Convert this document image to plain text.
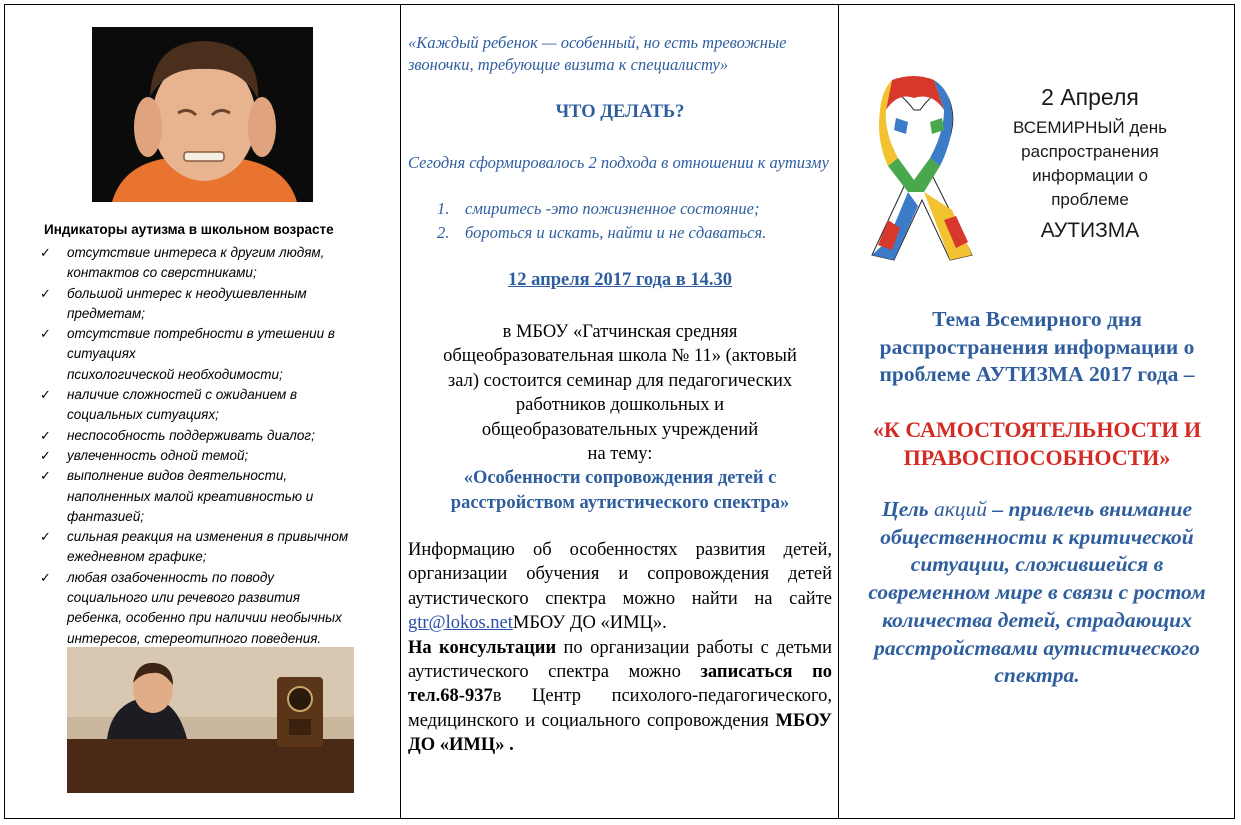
Индикаторы аутизма в школьном возрасте
✓ отсутствие интереса к другим людям,
контактов со сверстниками;
✓ большой интерес к неодушевленным
предметам;
✓ отсутствие потребности в утешении в
ситуациях
психологической необходимости;
✓ наличие сложностей с ожиданием в
социальных ситуациях;
✓ неспособность поддерживать диалог;
✓ увлеченность одной темой;
✓ выполнение видов деятельности,
наполненных малой креативностью и
фантазией;
✓ сильная реакция на изменения в привычном
ежедневном графике;
✓ любая озабоченность по поводу
социального или речевого развития
ребенка, особенно при наличии необычных
интересов, стереотипного поведения.
«Каждый ребенок — особенный, но есть тревожные звоночки, требующие визита к специалисту»
ЧТО ДЕЛАТЬ?
Сегодня сформировалось 2 подхода в отношении к аутизму
1. смиритесь -это пожизненное состояние;
2. бороться и искать, найти и не сдаваться.
12 апреля 2017 года в 14.30
в МБОУ «Гатчинская средняя
общеобразовательная школа № 11» (актовый
зал) состоится семинар для педагогических
работников дошкольных и
общеобразовательных учреждений
на тему:
«Особенности сопровождения детей с
расстройством аутистического спектра»
Информацию об особенностях развития детей, организации обучения и сопровождения детей аутистического спектра можно найти на сайте gtr@lokos.netМБОУ ДО «ИМЦ».
На консультации по организации работы с детьми аутистического спектра можно записаться по тел.68-937в Центр психолого-педагогического, медицинского и социального сопровождения МБОУ ДО «ИМЦ» .
2 Апреля
ВСЕМИРНЫЙ день
распространения
информации о
проблеме
АУТИЗМА
Тема Всемирного дня
распространения информации о
проблеме АУТИЗМА 2017 года –
«К САМОСТОЯТЕЛЬНОСТИ И
ПРАВОСПОСОБНОСТИ»
Цель акций – привлечь внимание общественности к критической ситуации, сложившейся в современном мире в связи с ростом количества детей, страдающих расстройствами аутистического спектра.
